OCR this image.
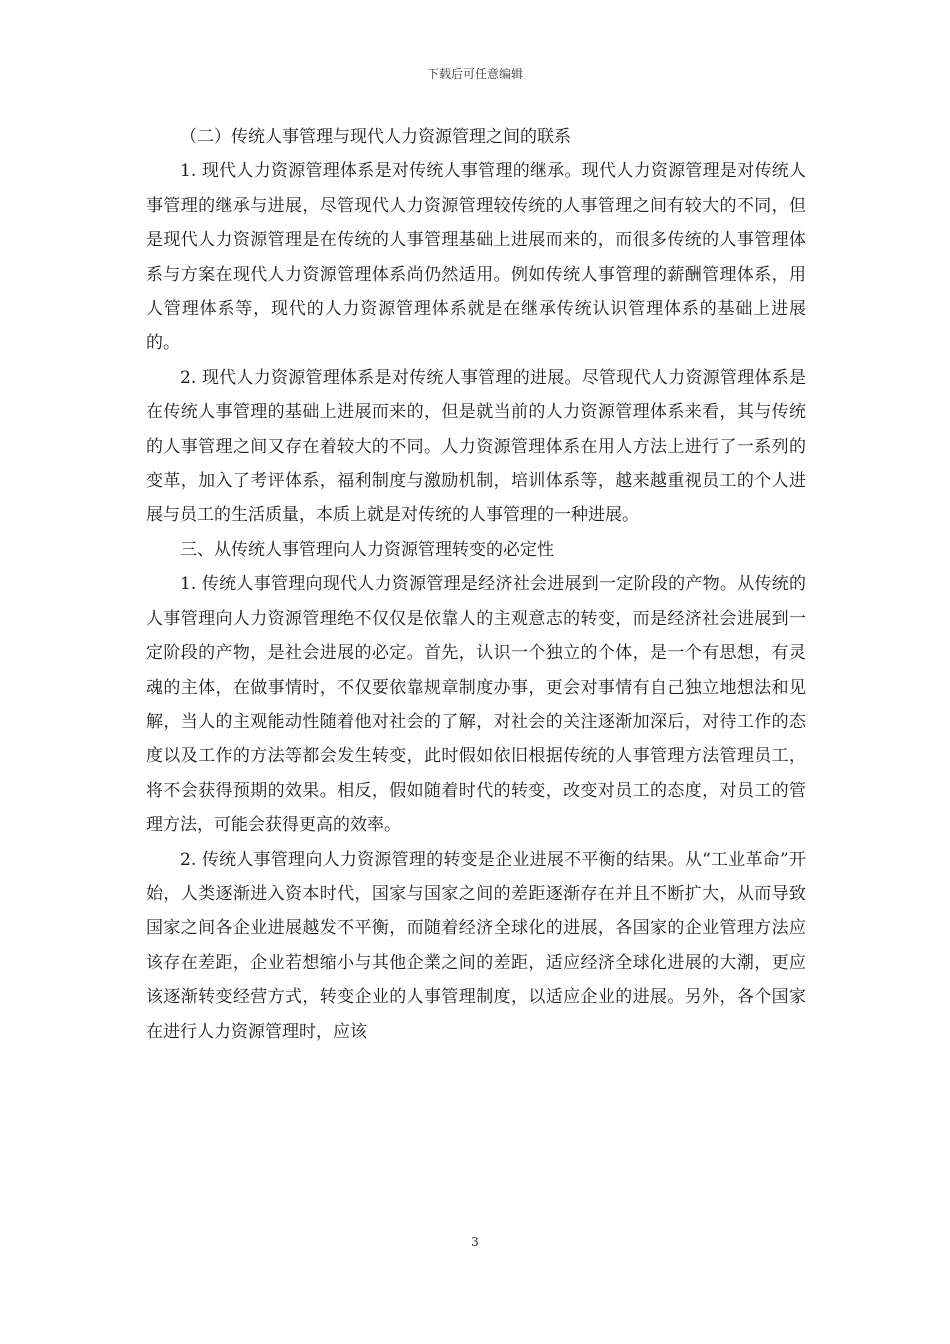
下载后可任意编辑

（二）传统人事管理与现代人力资源管理之间的联系

1. 现代人力资源管理体系是对传统人事管理的继承。现代人力资源管理是对传统人事管理的继承与进展，尽管现代人力资源管理较传统的人事管理之间有较大的不同，但是现代人力资源管理是在传统的人事管理基础上进展而来的，而很多传统的人事管理体系与方案在现代人力资源管理体系尚仍然适用。例如传统人事管理的薪酬管理体系，用人管理体系等，现代的人力资源管理体系就是在继承传统认识管理体系的基础上进展的。

2. 现代人力资源管理体系是对传统人事管理的进展。尽管现代人力资源管理体系是在传统人事管理的基础上进展而来的，但是就当前的人力资源管理体系来看，其与传统的人事管理之间又存在着较大的不同。人力资源管理体系在用人方法上进行了一系列的变革，加入了考评体系，福利制度与激励机制，培训体系等，越来越重视员工的个人进展与员工的生活质量，本质上就是对传统的人事管理的一种进展。

三、从传统人事管理向人力资源管理转变的必定性

1. 传统人事管理向现代人力资源管理是经济社会进展到一定阶段的产物。从传统的人事管理向人力资源管理绝不仅仅是依靠人的主观意志的转变，而是经济社会进展到一定阶段的产物，是社会进展的必定。首先，认识一个独立的个体，是一个有思想，有灵魂的主体，在做事情时，不仅要依靠规章制度办事，更会对事情有自己独立地想法和见解，当人的主观能动性随着他对社会的了解，对社会的关注逐渐加深后，对待工作的态度以及工作的方法等都会发生转变，此时假如依旧根据传统的人事管理方法管理员工，将不会获得预期的效果。相反，假如随着时代的转变，改变对员工的态度，对员工的管理方法，可能会获得更高的效率。

2. 传统人事管理向人力资源管理的转变是企业进展不平衡的结果。从“工业革命”开始，人类逐渐进入资本时代，国家与国家之间的差距逐渐存在并且不断扩大，从而导致国家之间各企业进展越发不平衡，而随着经济全球化的进展，各国家的企业管理方法应该存在差距，企业若想缩小与其他企業之间的差距，适应经济全球化进展的大潮，更应该逐渐转变经营方式，转变企业的人事管理制度，以适应企业的进展。另外，各个国家在进行人力资源管理时，应该

3
